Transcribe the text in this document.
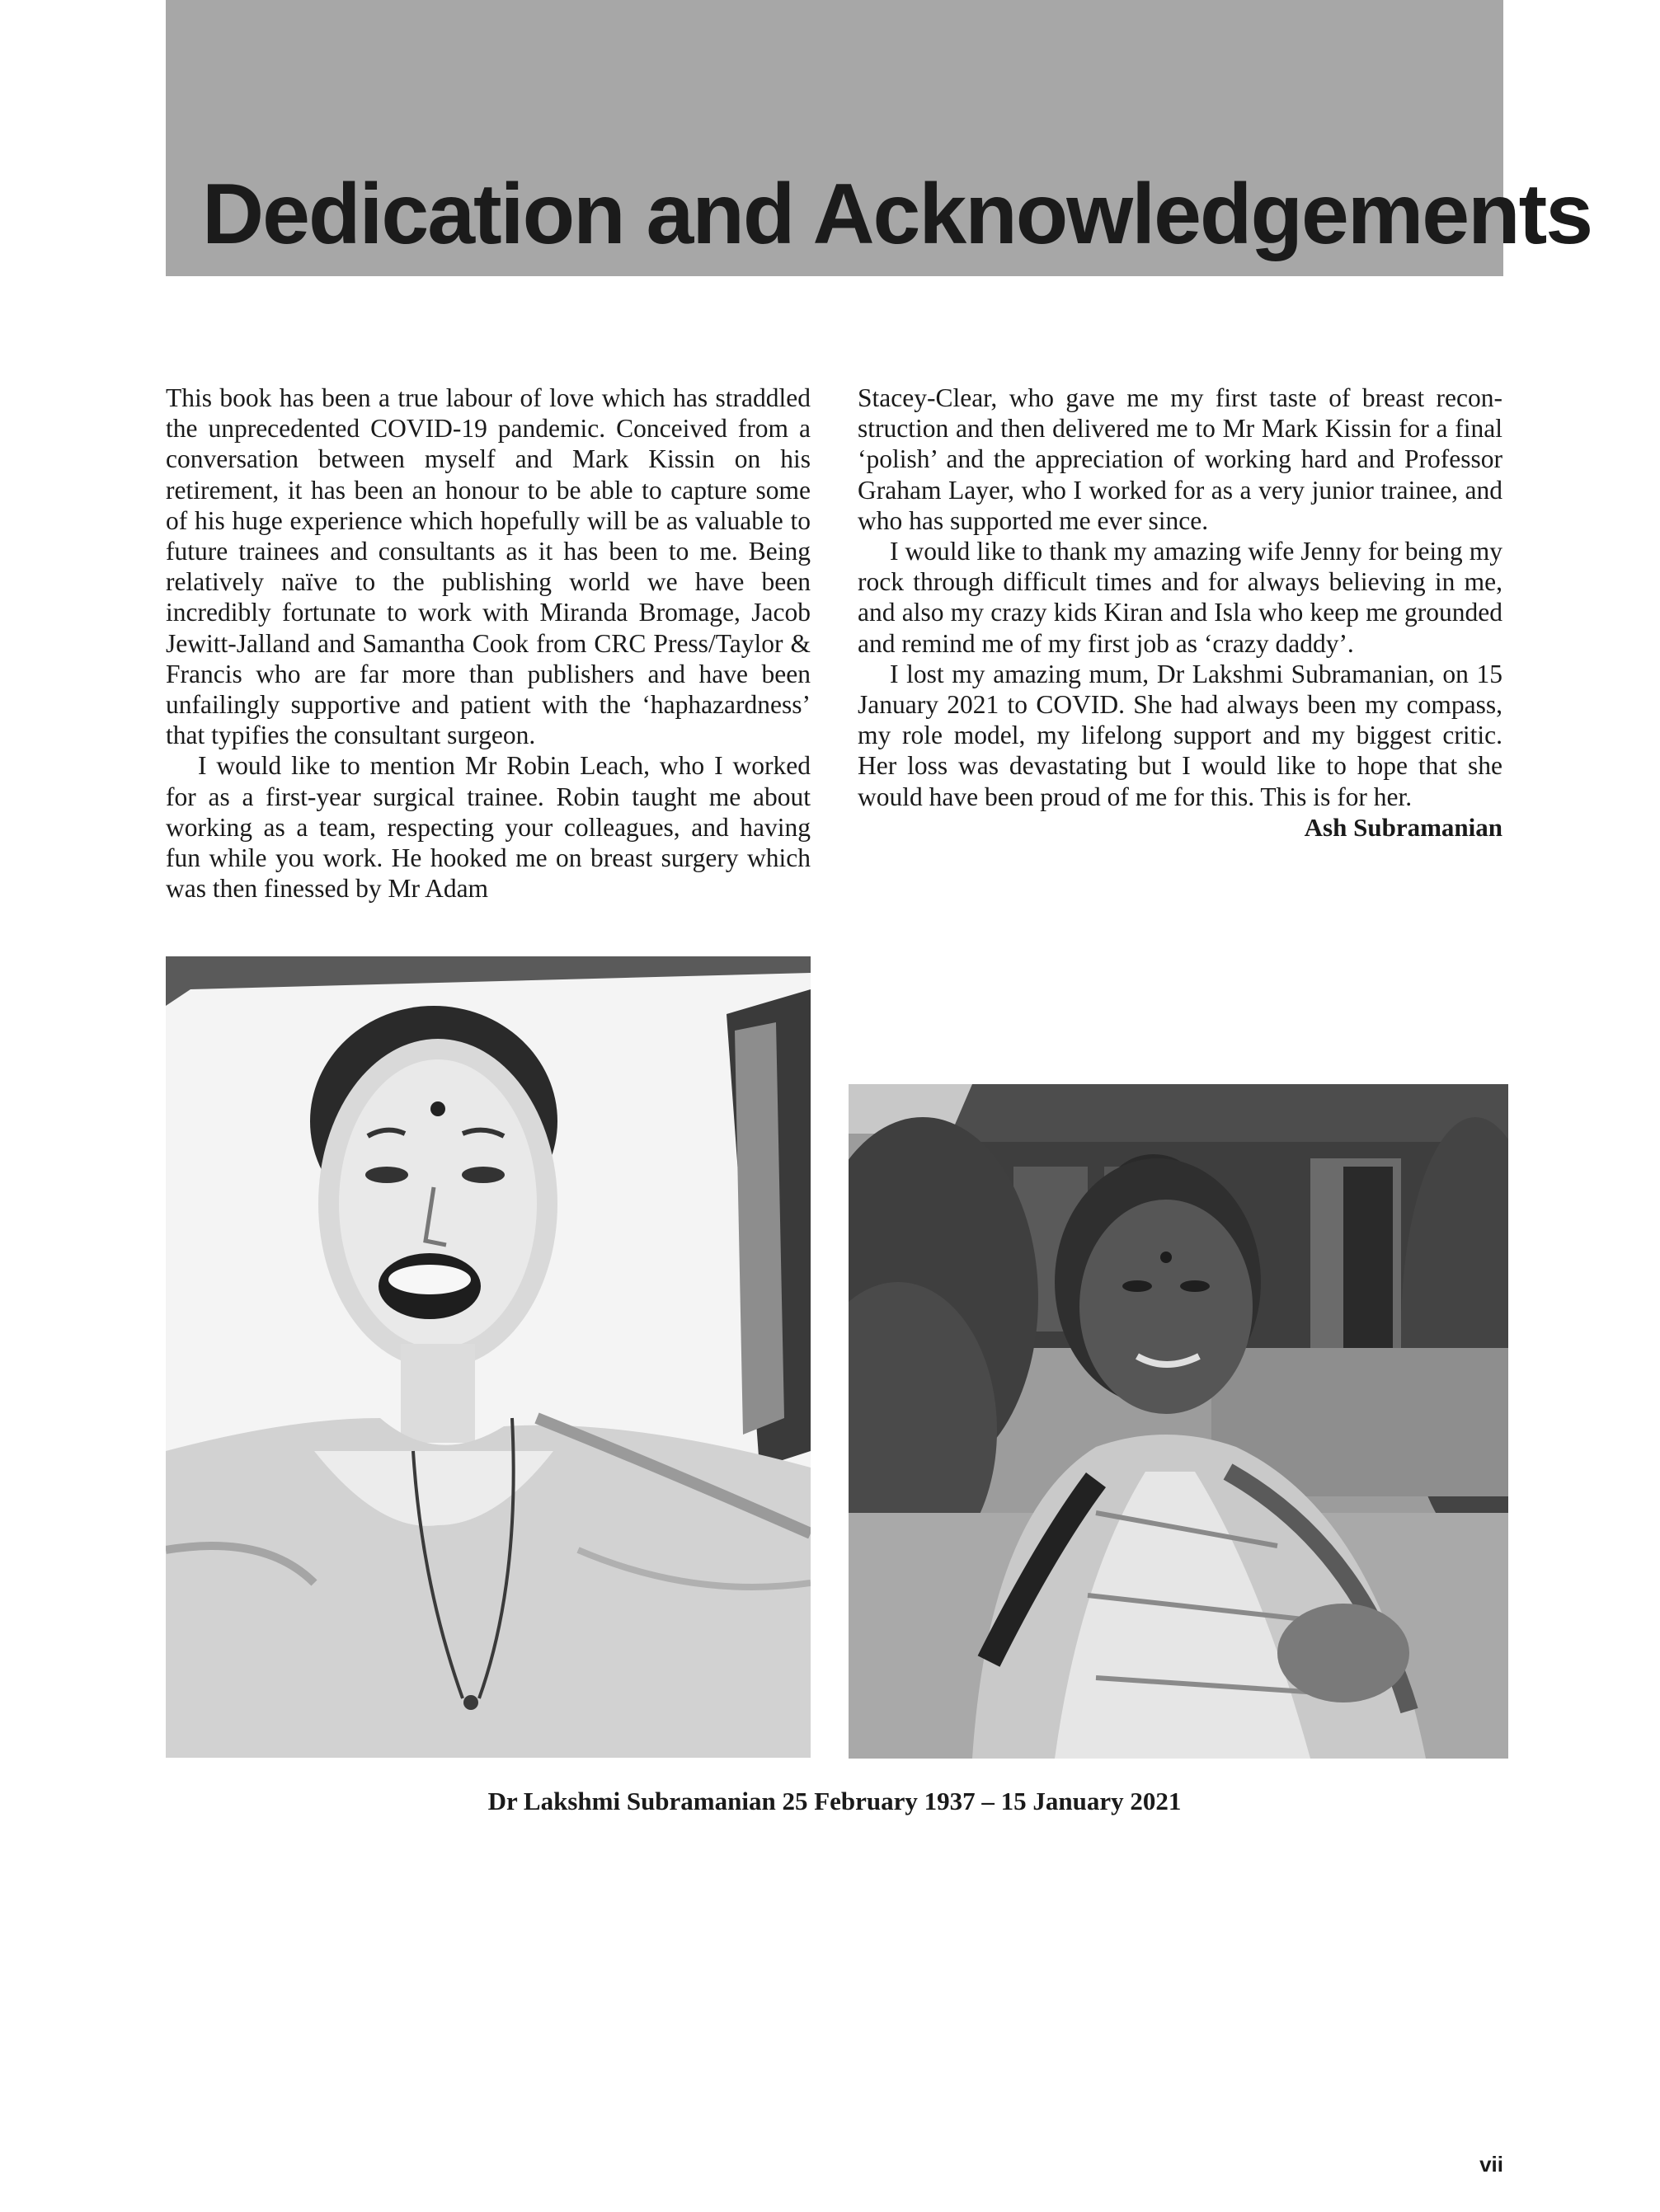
Dedication and Acknowledgements

This book has been a true labour of love which has straddled the unprecedented COVID-19 pandemic. Conceived from a conversation between myself and Mark Kissin on his retirement, it has been an honour to be able to capture some of his huge experience which hopefully will be as valuable to future trainees and consultants as it has been to me. Being relatively naïve to the publishing world we have been incredibly fortunate to work with Miranda Bromage, Jacob Jewitt-Jalland and Samantha Cook from CRC Press/Taylor & Francis who are far more than publishers and have been unfailingly supportive and patient with the ‘haphazardness’ that typifies the consultant surgeon.

I would like to mention Mr Robin Leach, who I worked for as a first-year surgical trainee. Robin taught me about working as a team, respecting your colleagues, and having fun while you work. He hooked me on breast surgery which was then finessed by Mr Adam

Stacey-Clear, who gave me my first taste of breast reconstruction and then delivered me to Mr Mark Kissin for a final ‘polish’ and the appreciation of working hard and Professor Graham Layer, who I worked for as a very junior trainee, and who has supported me ever since.

I would like to thank my amazing wife Jenny for being my rock through difficult times and for always believing in me, and also my crazy kids Kiran and Isla who keep me grounded and remind me of my first job as ‘crazy daddy’.

I lost my amazing mum, Dr Lakshmi Subramanian, on 15 January 2021 to COVID. She had always been my compass, my role model, my lifelong support and my biggest critic. Her loss was devastating but I would like to hope that she would have been proud of me for this. This is for her.

Ash Subramanian

Dr Lakshmi Subramanian 25 February 1937 – 15 January 2021
vii
